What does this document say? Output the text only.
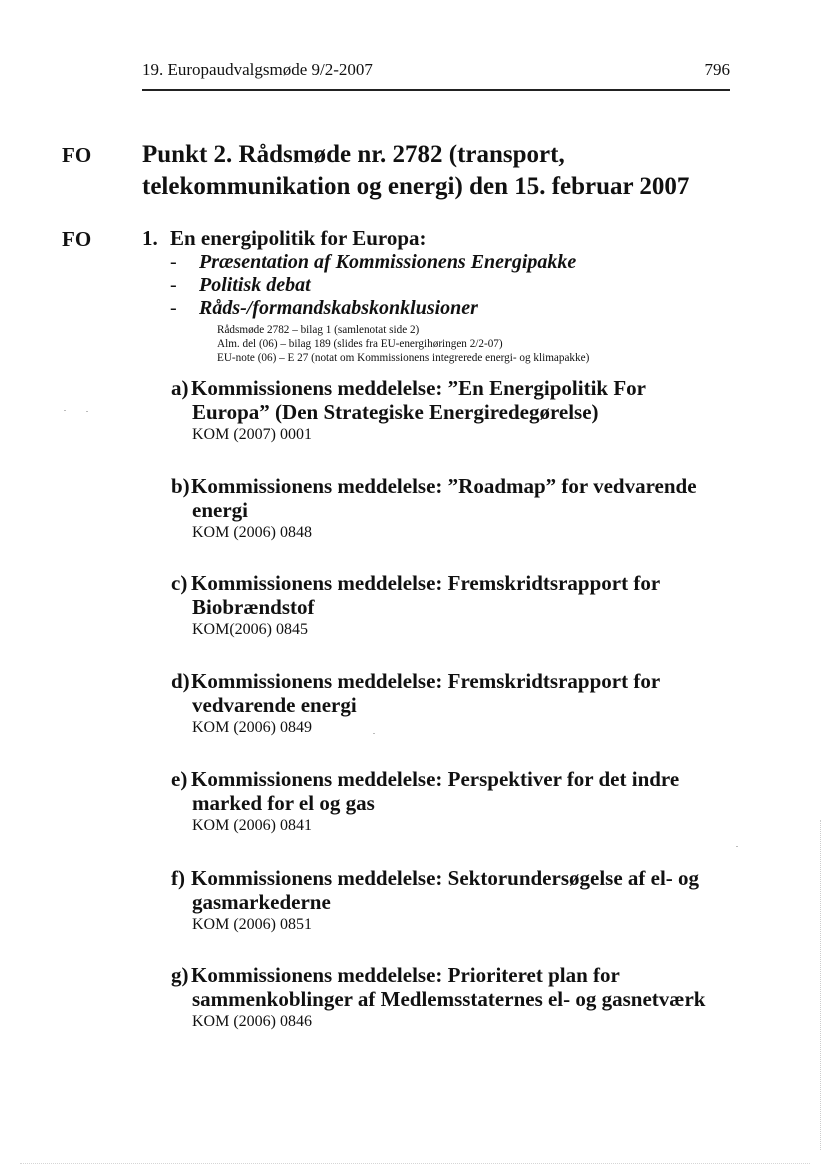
19. Europaudvalgsmøde 9/2-2007	796
FO
FO
Punkt 2. Rådsmøde nr. 2782 (transport,
telekommunikation og energi) den 15. februar 2007
1. En energipolitik for Europa:
- Præsentation af Kommissionens Energipakke
- Politisk debat
- Råds-/formandskabskonklusioner
Rådsmøde 2782 – bilag 1 (samlenotat side 2)
Alm. del (06) – bilag 189 (slides fra EU-energihøringen 2/2-07)
EU-note (06) – E 27 (notat om Kommissionens integrerede energi- og klimapakke)
a) Kommissionens meddelelse: ”En Energipolitik For
Europa” (Den Strategiske Energiredegørelse)
KOM (2007) 0001
b)Kommissionens meddelelse: ”Roadmap” for vedvarende
energi
KOM (2006) 0848
c) Kommissionens meddelelse: Fremskridtsrapport for
Biobrændstof
KOM(2006) 0845
d)Kommissionens meddelelse: Fremskridtsrapport for
vedvarende energi
KOM (2006) 0849
e) Kommissionens meddelelse: Perspektiver for det indre
marked for el og gas
KOM (2006) 0841
f) Kommissionens meddelelse: Sektorundersøgelse af el- og
gasmarkederne
KOM (2006) 0851
g) Kommissionens meddelelse: Prioriteret plan for
sammenkoblinger af Medlemsstaternes el- og gasnetværk
KOM (2006) 0846
